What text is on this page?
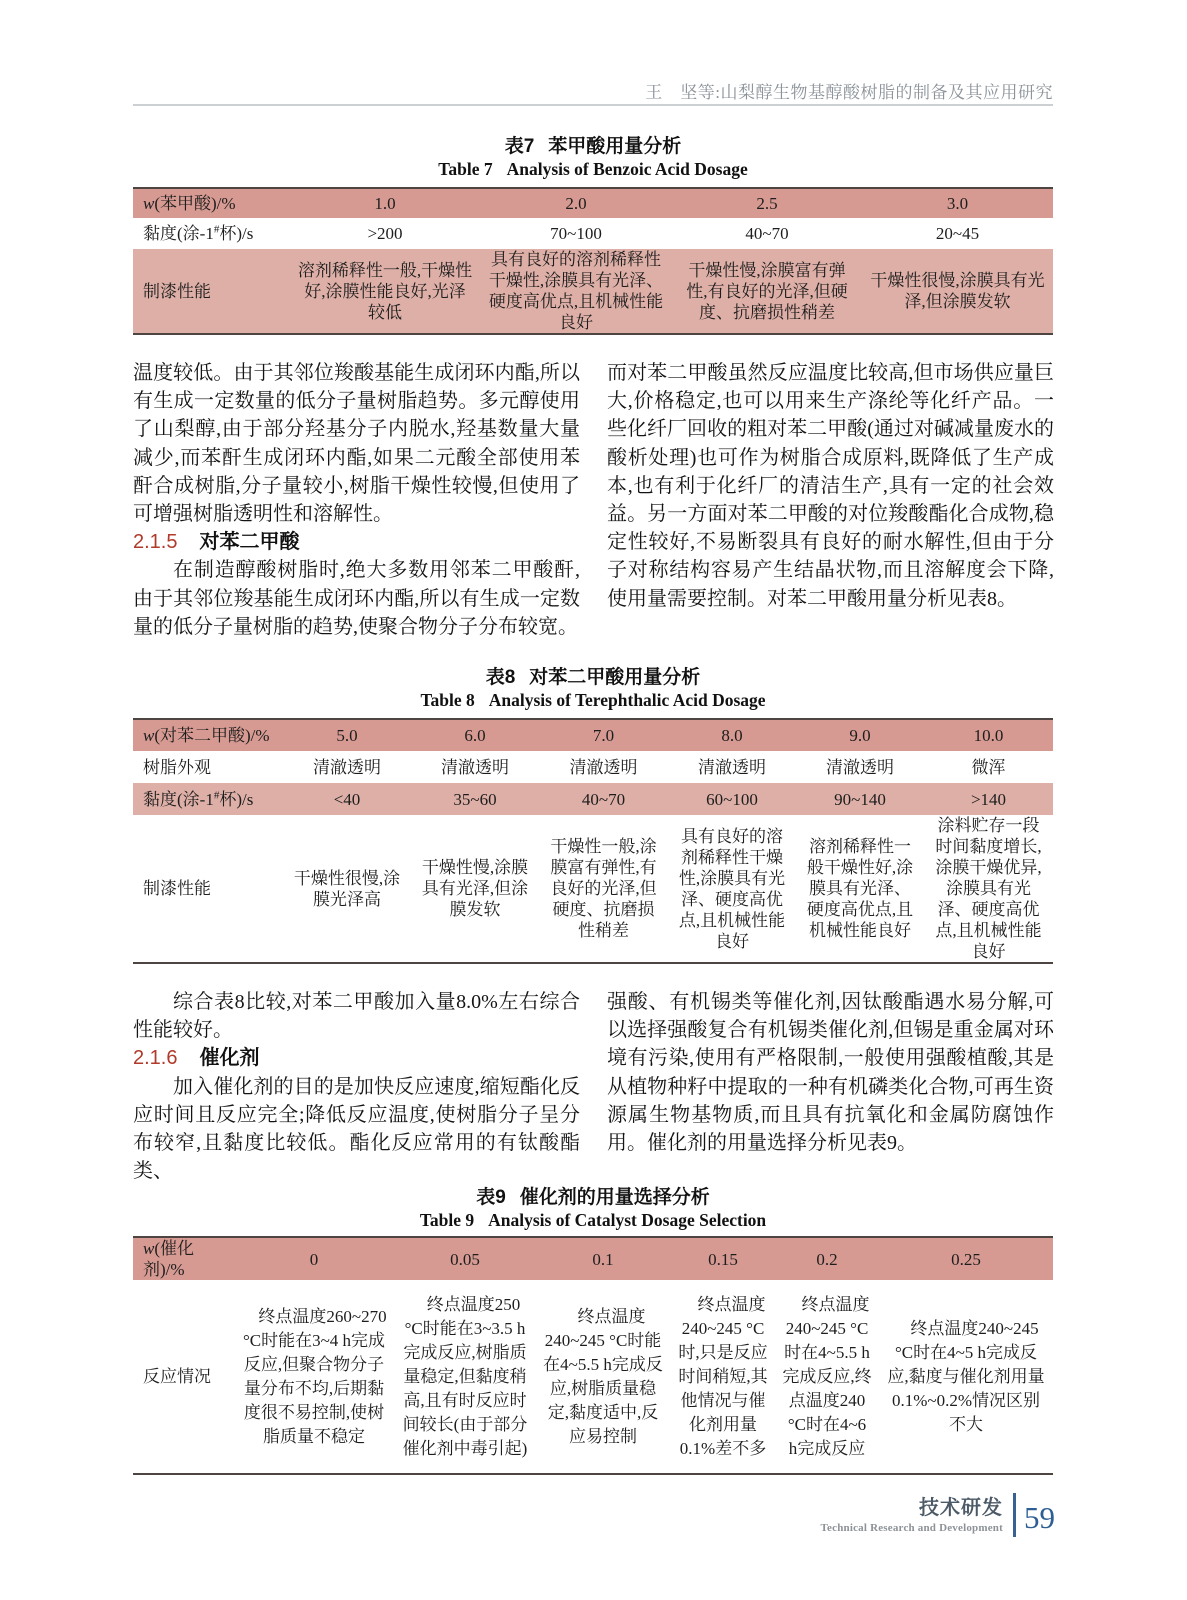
王　坚等:山梨醇生物基醇酸树脂的制备及其应用研究
表7 苯甲酸用量分析
Table 7 Analysis of Benzoic Acid Dosage
w(苯甲酸)/%	1.0	2.0	2.5	3.0
黏度(涂-1#杯)/s	>200	70~100	40~70	20~45
制漆性能	溶剂稀释性一般,干燥性好,涂膜性能良好,光泽较低	具有良好的溶剂稀释性干燥性,涂膜具有光泽、硬度高优点,且机械性能良好	干燥性慢,涂膜富有弹性,有良好的光泽,但硬度、抗磨损性稍差	干燥性很慢,涂膜具有光泽,但涂膜发软

温度较低。由于其邻位羧酸基能生成闭环内酯,所以有生成一定数量的低分子量树脂趋势。多元醇使用了山梨醇,由于部分羟基分子内脱水,羟基数量大量减少,而苯酐生成闭环内酯,如果二元酸全部使用苯酐合成树脂,分子量较小,树脂干燥性较慢,但使用了可增强树脂透明性和溶解性。

2.1.5 对苯二甲酸

在制造醇酸树脂时,绝大多数用邻苯二甲酸酐,由于其邻位羧基能生成闭环内酯,所以有生成一定数量的低分子量树脂的趋势,使聚合物分子分布较宽。

而对苯二甲酸虽然反应温度比较高,但市场供应量巨大,价格稳定,也可以用来生产涤纶等化纤产品。一些化纤厂回收的粗对苯二甲酸(通过对碱减量废水的酸析处理)也可作为树脂合成原料,既降低了生产成本,也有利于化纤厂的清洁生产,具有一定的社会效益。另一方面对苯二甲酸的对位羧酸酯化合成物,稳定性较好,不易断裂具有良好的耐水解性,但由于分子对称结构容易产生结晶状物,而且溶解度会下降,使用量需要控制。对苯二甲酸用量分析见表8。

表8 对苯二甲酸用量分析
Table 8 Analysis of Terephthalic Acid Dosage
w(对苯二甲酸)/%	5.0	6.0	7.0	8.0	9.0	10.0
树脂外观	清澈透明	清澈透明	清澈透明	清澈透明	清澈透明	微浑
黏度(涂-1#杯)/s	<40	35~60	40~70	60~100	90~140	>140
制漆性能	干燥性很慢,涂膜光泽高	干燥性慢,涂膜具有光泽,但涂膜发软	干燥性一般,涂膜富有弹性,有良好的光泽,但硬度、抗磨损性稍差	具有良好的溶剂稀释性干燥性,涂膜具有光泽、硬度高优点,且机械性能良好	溶剂稀释性一般干燥性好,涂膜具有光泽、硬度高优点,且机械性能良好	涂料贮存一段时间黏度增长,涂膜干燥优异,涂膜具有光泽、硬度高优点,且机械性能良好

综合表8比较,对苯二甲酸加入量8.0%左右综合性能较好。

2.1.6 催化剂

加入催化剂的目的是加快反应速度,缩短酯化反应时间且反应完全;降低反应温度,使树脂分子呈分布较窄,且黏度比较低。酯化反应常用的有钛酸酯类、

强酸、有机锡类等催化剂,因钛酸酯遇水易分解,可以选择强酸复合有机锡类催化剂,但锡是重金属对环境有污染,使用有严格限制,一般使用强酸植酸,其是从植物种籽中提取的一种有机磷类化合物,可再生资源属生物基物质,而且具有抗氧化和金属防腐蚀作用。催化剂的用量选择分析见表9。

表9 催化剂的用量选择分析
Table 9 Analysis of Catalyst Dosage Selection
w(催化剂)/%	0	0.05	0.1	0.15	0.2	0.25
反应情况	终点温度260~270 °C时能在3~4 h完成反应,但聚合物分子量分布不均,后期黏度很不易控制,使树脂质量不稳定	终点温度250 °C时能在3~3.5 h完成反应,树脂质量稳定,但黏度稍高,且有时反应时间较长(由于部分催化剂中毒引起)	终点温度240~245 °C时能在4~5.5 h完成反应,树脂质量稳定,黏度适中,反应易控制	终点温度240~245 °C时,只是反应时间稍短,其他情况与催化剂用量0.1%差不多	终点温度240~245 °C时在4~5.5 h完成反应,终点温度240 °C时在4~6 h完成反应	终点温度240~245 °C时在4~5 h完成反应,黏度与催化剂用量0.1%~0.2%情况区别不大
技术研发
Technical Research and Development 59
